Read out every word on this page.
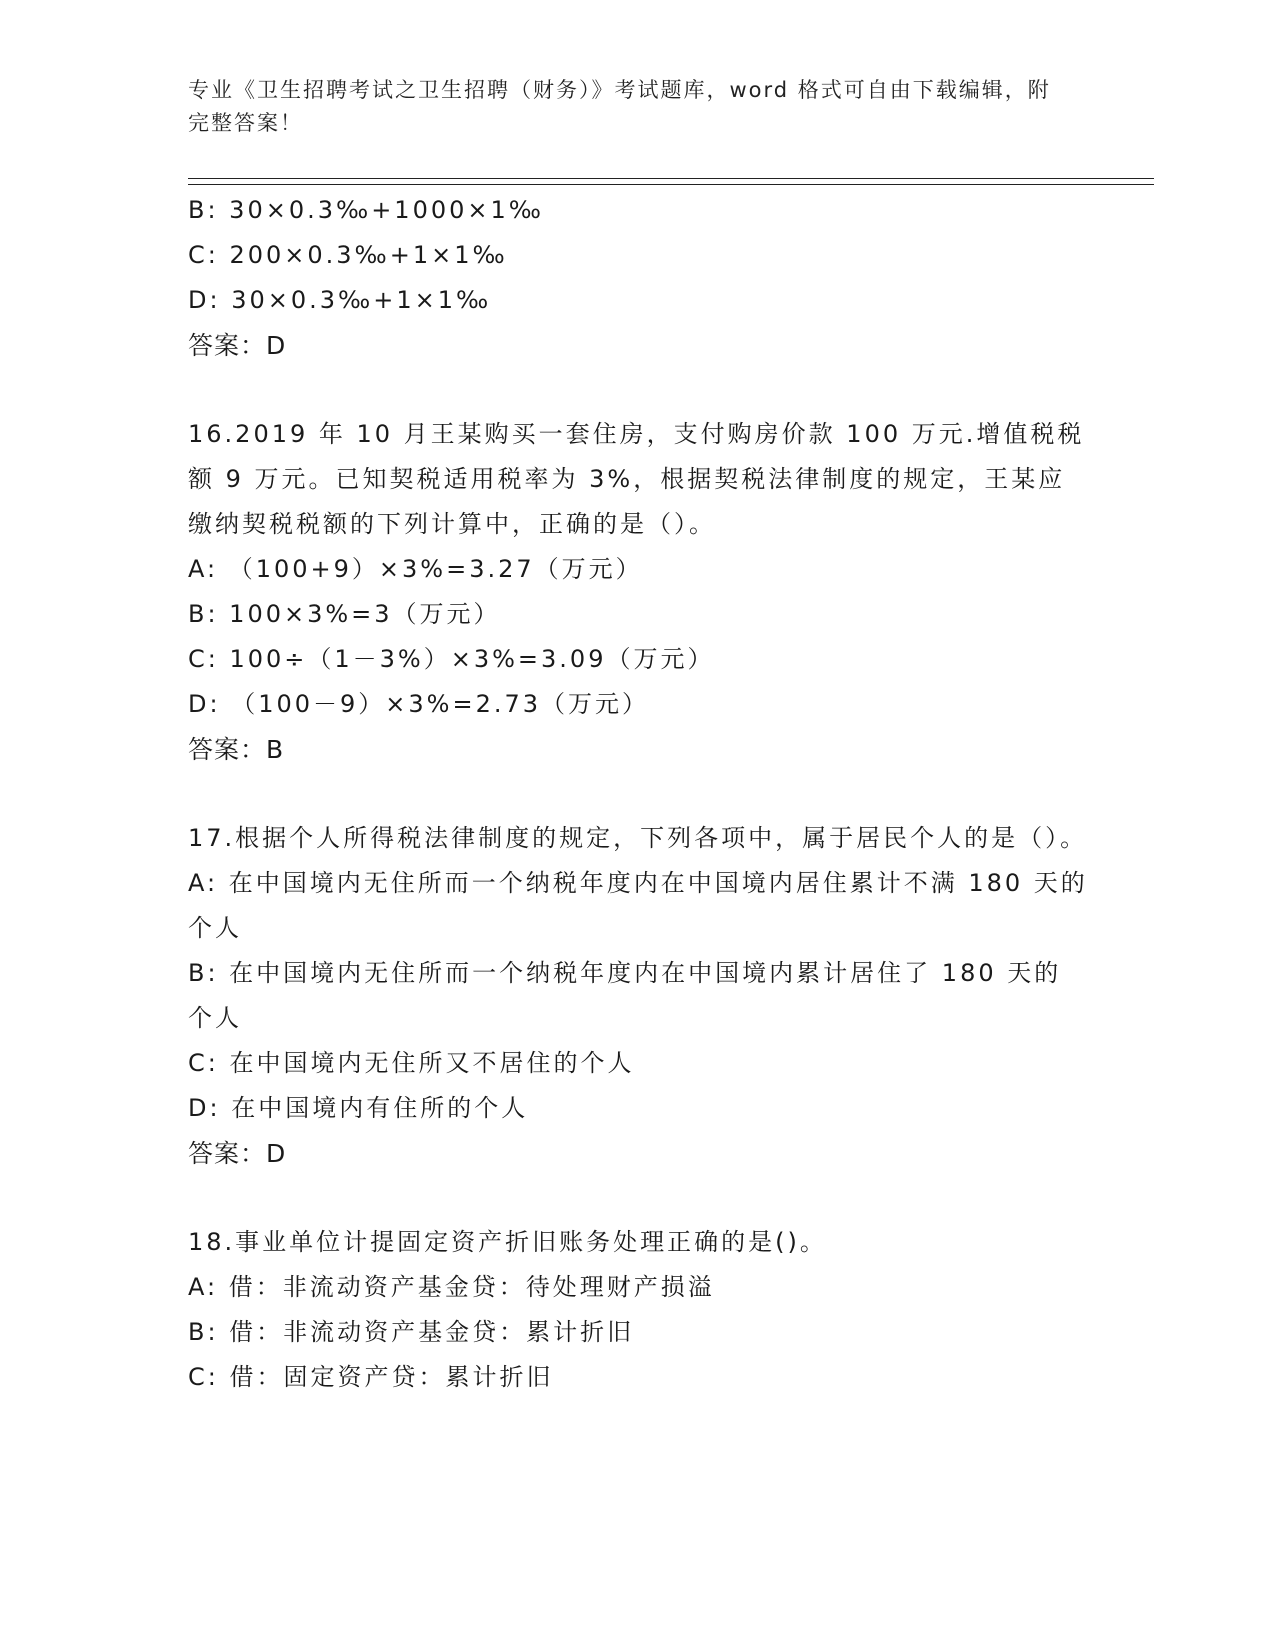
专业《卫生招聘考试之卫生招聘（财务）》考试题库，word 格式可自由下载编辑，附完整答案！
B: 30×0.3‰+1000×1‰
C: 200×0.3‰+1×1‰
D: 30×0.3‰+1×1‰
答案：D
16.2019 年 10 月王某购买一套住房，支付购房价款 100 万元.增值税税额 9 万元。已知契税适用税率为 3%，根据契税法律制度的规定，王某应缴纳契税税额的下列计算中，正确的是（）。
A: （100+9）×3%=3.27（万元）
B: 100×3%=3（万元）
C: 100÷（1－3%）×3%=3.09（万元）
D: （100－9）×3%=2.73（万元）
答案：B
17.根据个人所得税法律制度的规定，下列各项中，属于居民个人的是（）。
A: 在中国境内无住所而一个纳税年度内在中国境内居住累计不满 180 天的个人
B: 在中国境内无住所而一个纳税年度内在中国境内累计居住了 180 天的个人
C: 在中国境内无住所又不居住的个人
D: 在中国境内有住所的个人
答案：D
18.事业单位计提固定资产折旧账务处理正确的是()。
A: 借：非流动资产基金贷：待处理财产损溢
B: 借：非流动资产基金贷：累计折旧
C: 借：固定资产贷：累计折旧
